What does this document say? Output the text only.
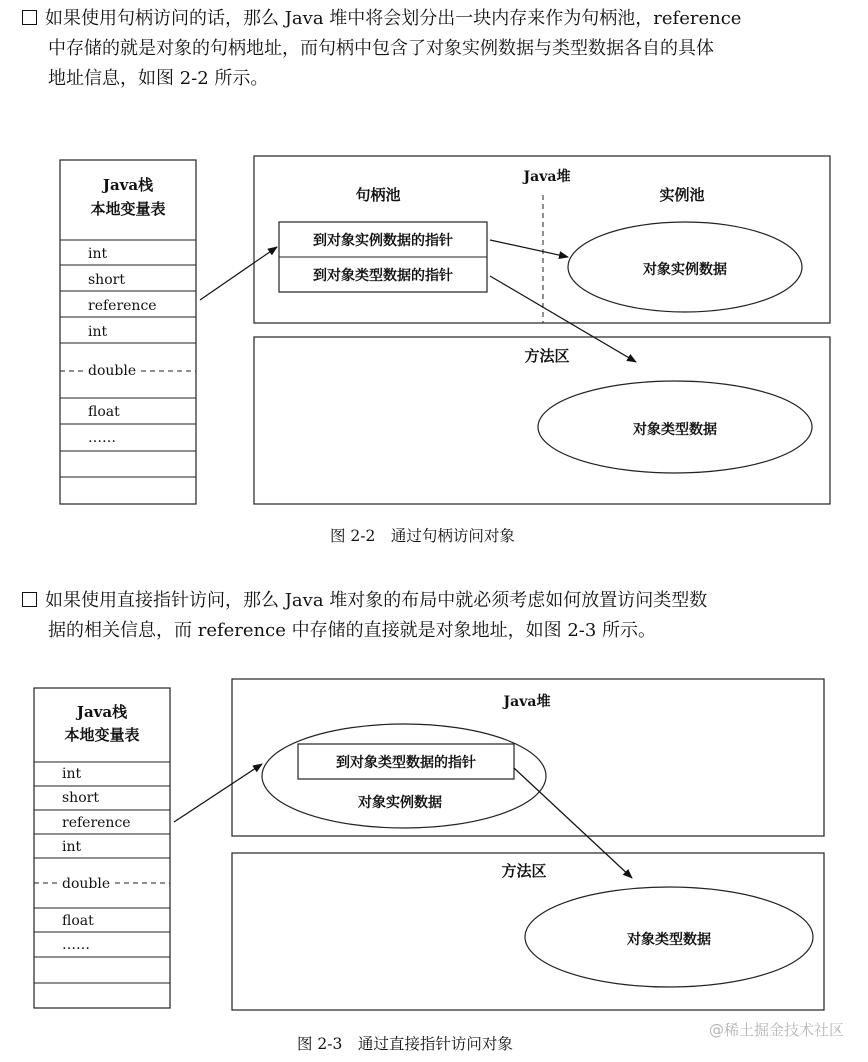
如果使用句柄访问的话，那么 Java 堆中将会划分出一块内存来作为句柄池，reference
中存储的就是对象的句柄地址，而句柄中包含了对象实例数据与类型数据各自的具体
地址信息，如图 2-2 所示。
Java栈
本地变量表
int
short
reference
int
double
float
……
Java堆
句柄池	实例池
到对象实例数据的指针
到对象类型数据的指针	对象实例数据
方法区
对象类型数据
图 2-2　通过句柄访问对象
如果使用直接指针访问，那么 Java 堆对象的布局中就必须考虑如何放置访问类型数
据的相关信息，而 reference 中存储的直接就是对象地址，如图 2-3 所示。
Java栈
本地变量表
int
short
reference
int
double
float
……
Java堆
到对象类型数据的指针
对象实例数据
方法区
对象类型数据
图 2-3　通过直接指针访问对象
@稀土掘金技术社区
